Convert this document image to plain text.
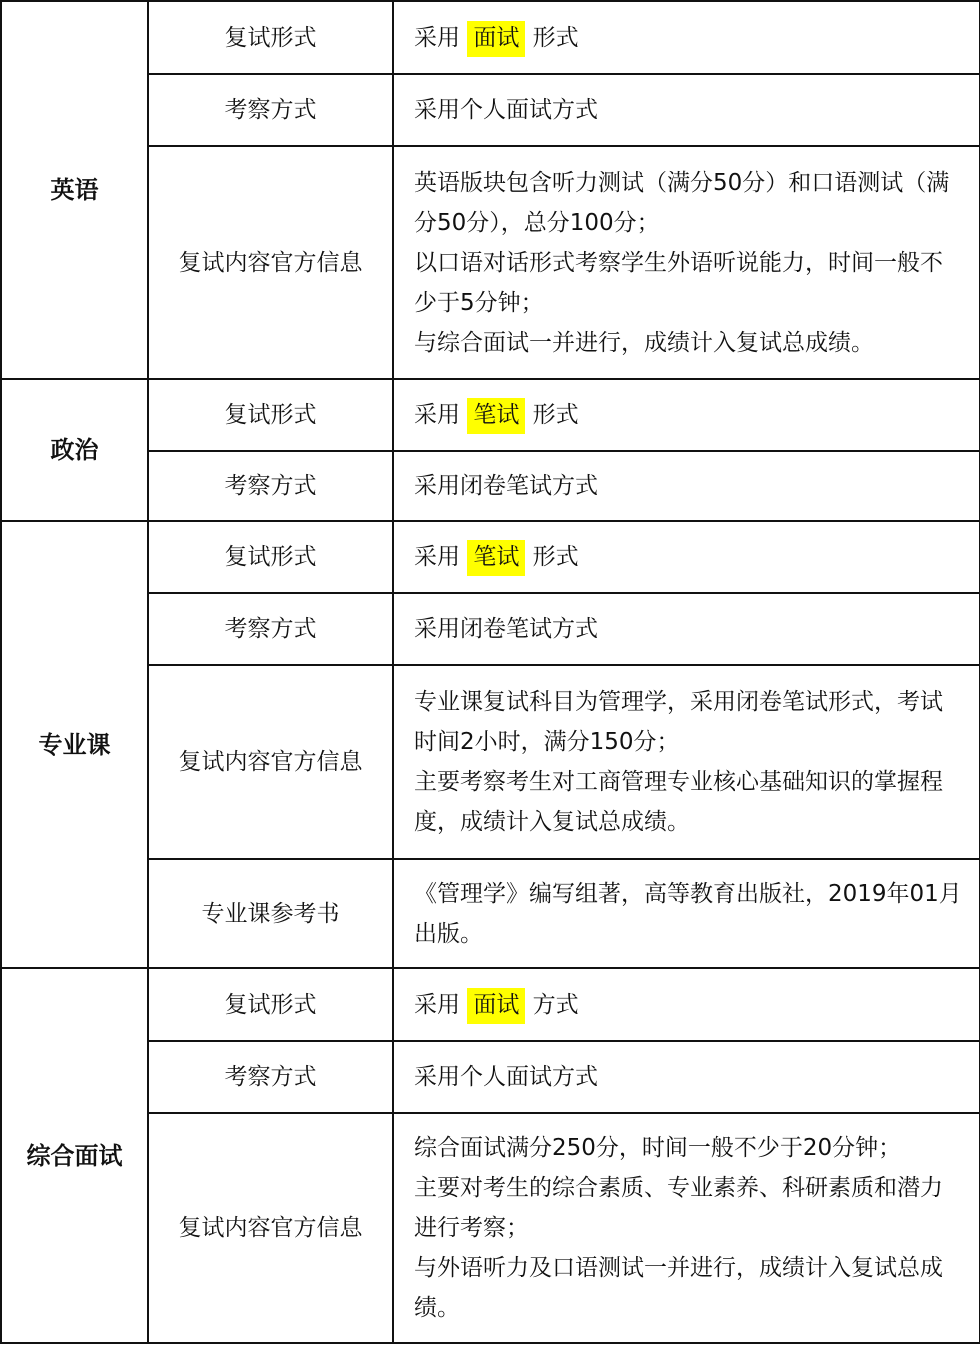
英语	复试形式	采用 面试 形式
	考察方式	采用个人面试方式

	复试内容官方信息	英语版块包含听力测试（满分50分）和口语测试（满分50分），总分100分；

以口语对话形式考察学生外语听说能力，时间一般不少于5分钟；

与综合面试一并进行，成绩计入复试总成绩。

政治	复试形式	采用 笔试 形式
	考察方式	采用闭卷笔试方式

专业课	复试形式	采用 笔试 形式
	考察方式	采用闭卷笔试方式

	复试内容官方信息	专业课复试科目为管理学，采用闭卷笔试形式，考试时间2小时，满分150分；

主要考察考生对工商管理专业核心基础知识的掌握程度，成绩计入复试总成绩。

	专业课参考书	《管理学》编写组著，高等教育出版社，2019年01月出版。

综合面试	复试形式	采用 面试 方式
	考察方式	采用个人面试方式

	复试内容官方信息	综合面试满分250分，时间一般不少于20分钟；

主要对考生的综合素质、专业素养、科研素质和潜力进行考察；

与外语听力及口语测试一并进行，成绩计入复试总成绩。
